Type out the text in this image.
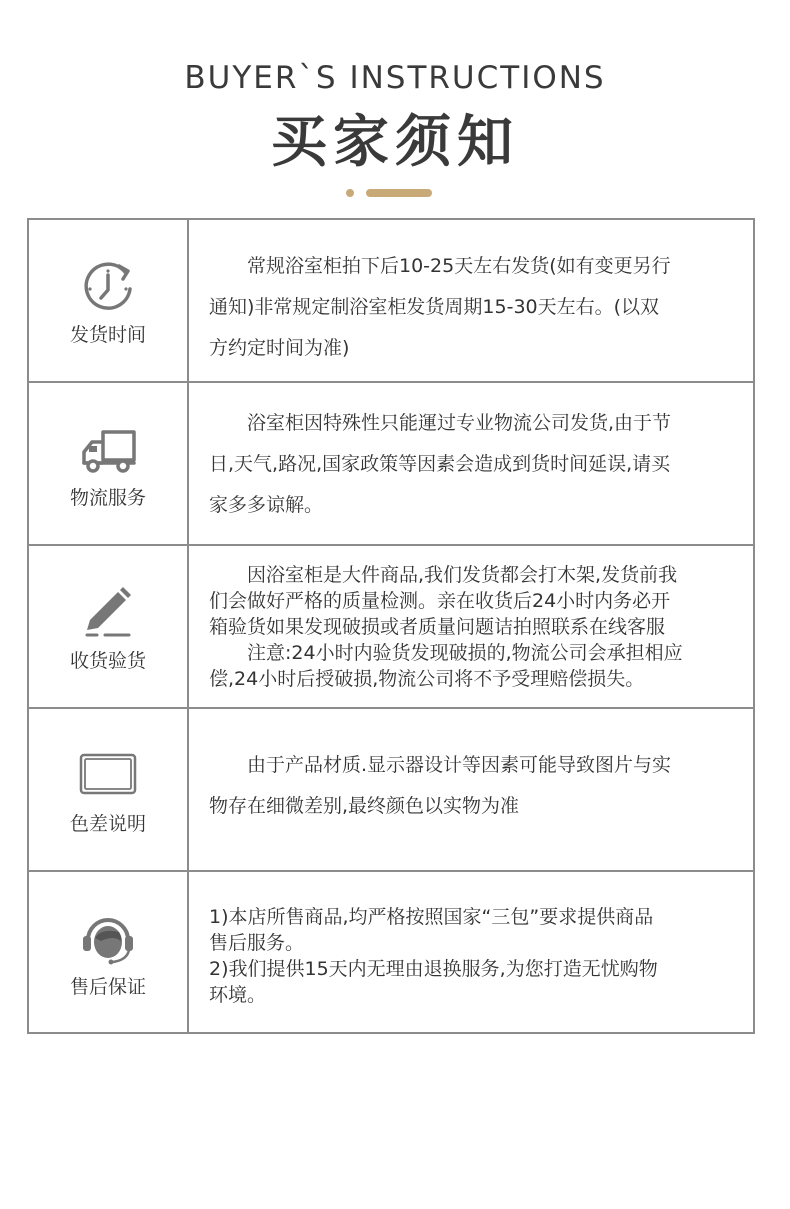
BUYER`S INSTRUCTIONS
买家须知
发货时间

常规浴室柜拍下后10-25天左右发货(如有变更另行

通知)非常规定制浴室柜发货周期15-30天左右。(以双

方约定时间为准)

物流服务

浴室柜因特殊性只能運过专业物流公司发货,由于节

日,天气,路况,国家政策等因素会造成到货时间延误,请买

家多多谅解。

收货验货

因浴室柜是大件商品,我们发货都会打木架,发货前我

们会做好严格的质量检测。亲在收货后24小时内务必开

箱验货如果发现破损或者质量问题诘拍照联系在线客服

注意:24小时内验货发现破损的,物流公司会承担相应

偿,24小时后授破损,物流公司将不予受理赔偿损失。

色差说明

由于产品材质.显示器设计等因素可能导致图片与实

物存在细微差别,最终颜色以实物为准

售后保证

1)本店所售商品,均严格按照国家“三包”要求提供商品

售后服务。

2)我们提供15天内无理由退换服务,为您打造无忧购物

环境。
